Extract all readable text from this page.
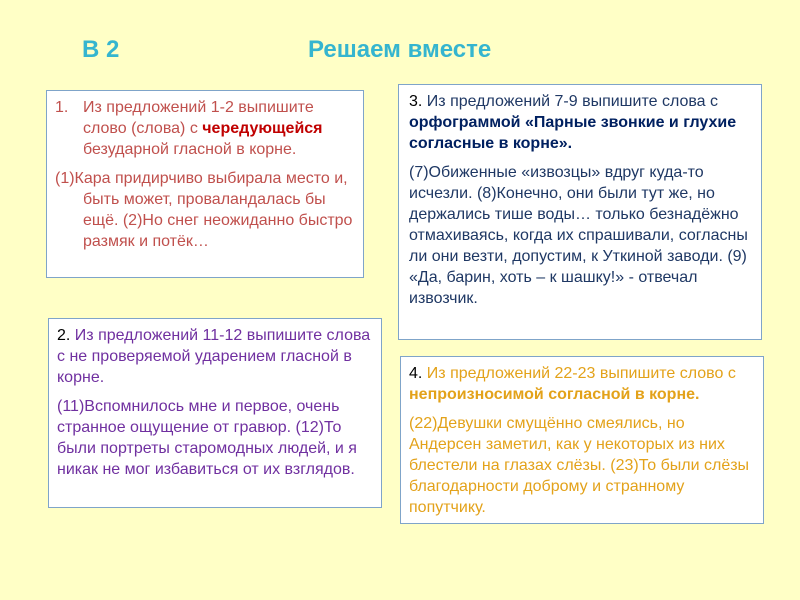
В 2	Решаем вместе
1. Из предложений 1-2 выпишите слово (слова) с чередующейся безударной гласной в корне.

(1)Кара придирчиво выбирала место и, быть может, проваландалась бы ещё. (2)Но снег неожиданно быстро размяк и потёк…

2. Из предложений 11-12 выпишите слова с не проверяемой ударением гласной в корне.

(11)Вспомнилось мне и первое, очень странное ощущение от гравюр. (12)То были портреты старомодных людей, и я никак не мог избавиться от их взглядов.

3. Из предложений 7-9 выпишите слова с орфограммой «Парные звонкие и глухие согласные в корне».

(7)Обиженные «извозцы» вдруг куда-то исчезли. (8)Конечно, они были тут же, но держались тише воды… только безнадёжно отмахиваясь, когда их спрашивали, согласны ли они везти, допустим, к Уткиной заводи. (9) «Да, барин, хоть – к шашку!» - отвечал извозчик.

4. Из предложений 22-23 выпишите слово с непроизносимой согласной в корне.

(22)Девушки смущённо смеялись, но Андерсен заметил, как у некоторых из них блестели на глазах слёзы. (23)То были слёзы благодарности доброму и странному попутчику.
